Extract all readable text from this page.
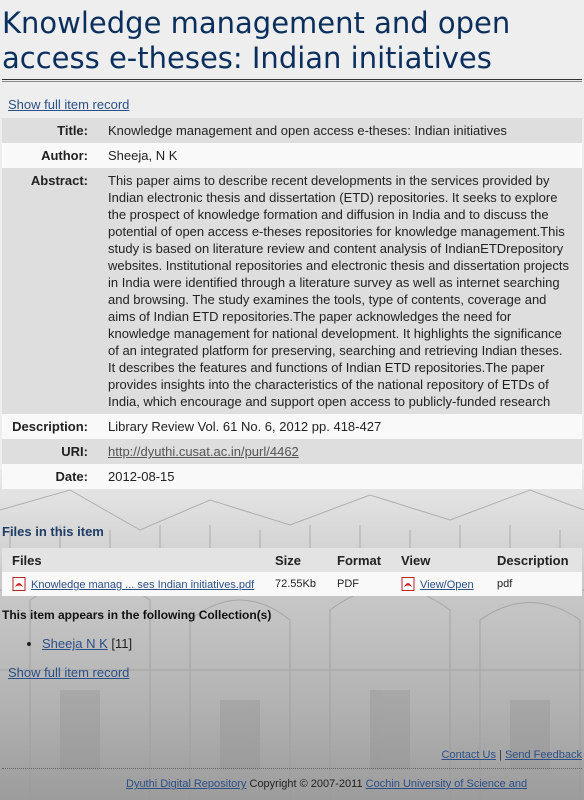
Knowledge management and open access e-theses: Indian initiatives
Show full item record
Title:	Knowledge management and open access e-theses: Indian initiatives
Author:	Sheeja, N K
Abstract:	This paper aims to describe recent developments in the services provided by Indian electronic thesis and dissertation (ETD) repositories. It seeks to explore the prospect of knowledge formation and diffusion in India and to discuss the potential of open access e-theses repositories for knowledge management.This study is based on literature review and content analysis of IndianETDrepository websites. Institutional repositories and electronic thesis and dissertation projects in India were identified through a literature survey as well as internet searching and browsing. The study examines the tools, type of contents, coverage and aims of Indian ETD repositories.The paper acknowledges the need for knowledge management for national development. It highlights the significance of an integrated platform for preserving, searching and retrieving Indian theses. It describes the features and functions of Indian ETD repositories.The paper provides insights into the characteristics of the national repository of ETDs of India, which encourage and support open access to publicly-funded research
Description:	Library Review Vol. 61 No. 6, 2012 pp. 418-427
URI:	http://dyuthi.cusat.ac.in/purl/4462
Date:	2012-08-15
Files in this item
Files	Size	Format	View	Description
Knowledge manag ... ses Indian initiatives.pdf	72.55Kb	PDF	View/Open	pdf
This item appears in the following Collection(s)
• Sheeja N K [11]
Show full item record
Contact Us | Send Feedback
Dyuthi Digital Repository Copyright © 2007-2011 Cochin University of Science and
